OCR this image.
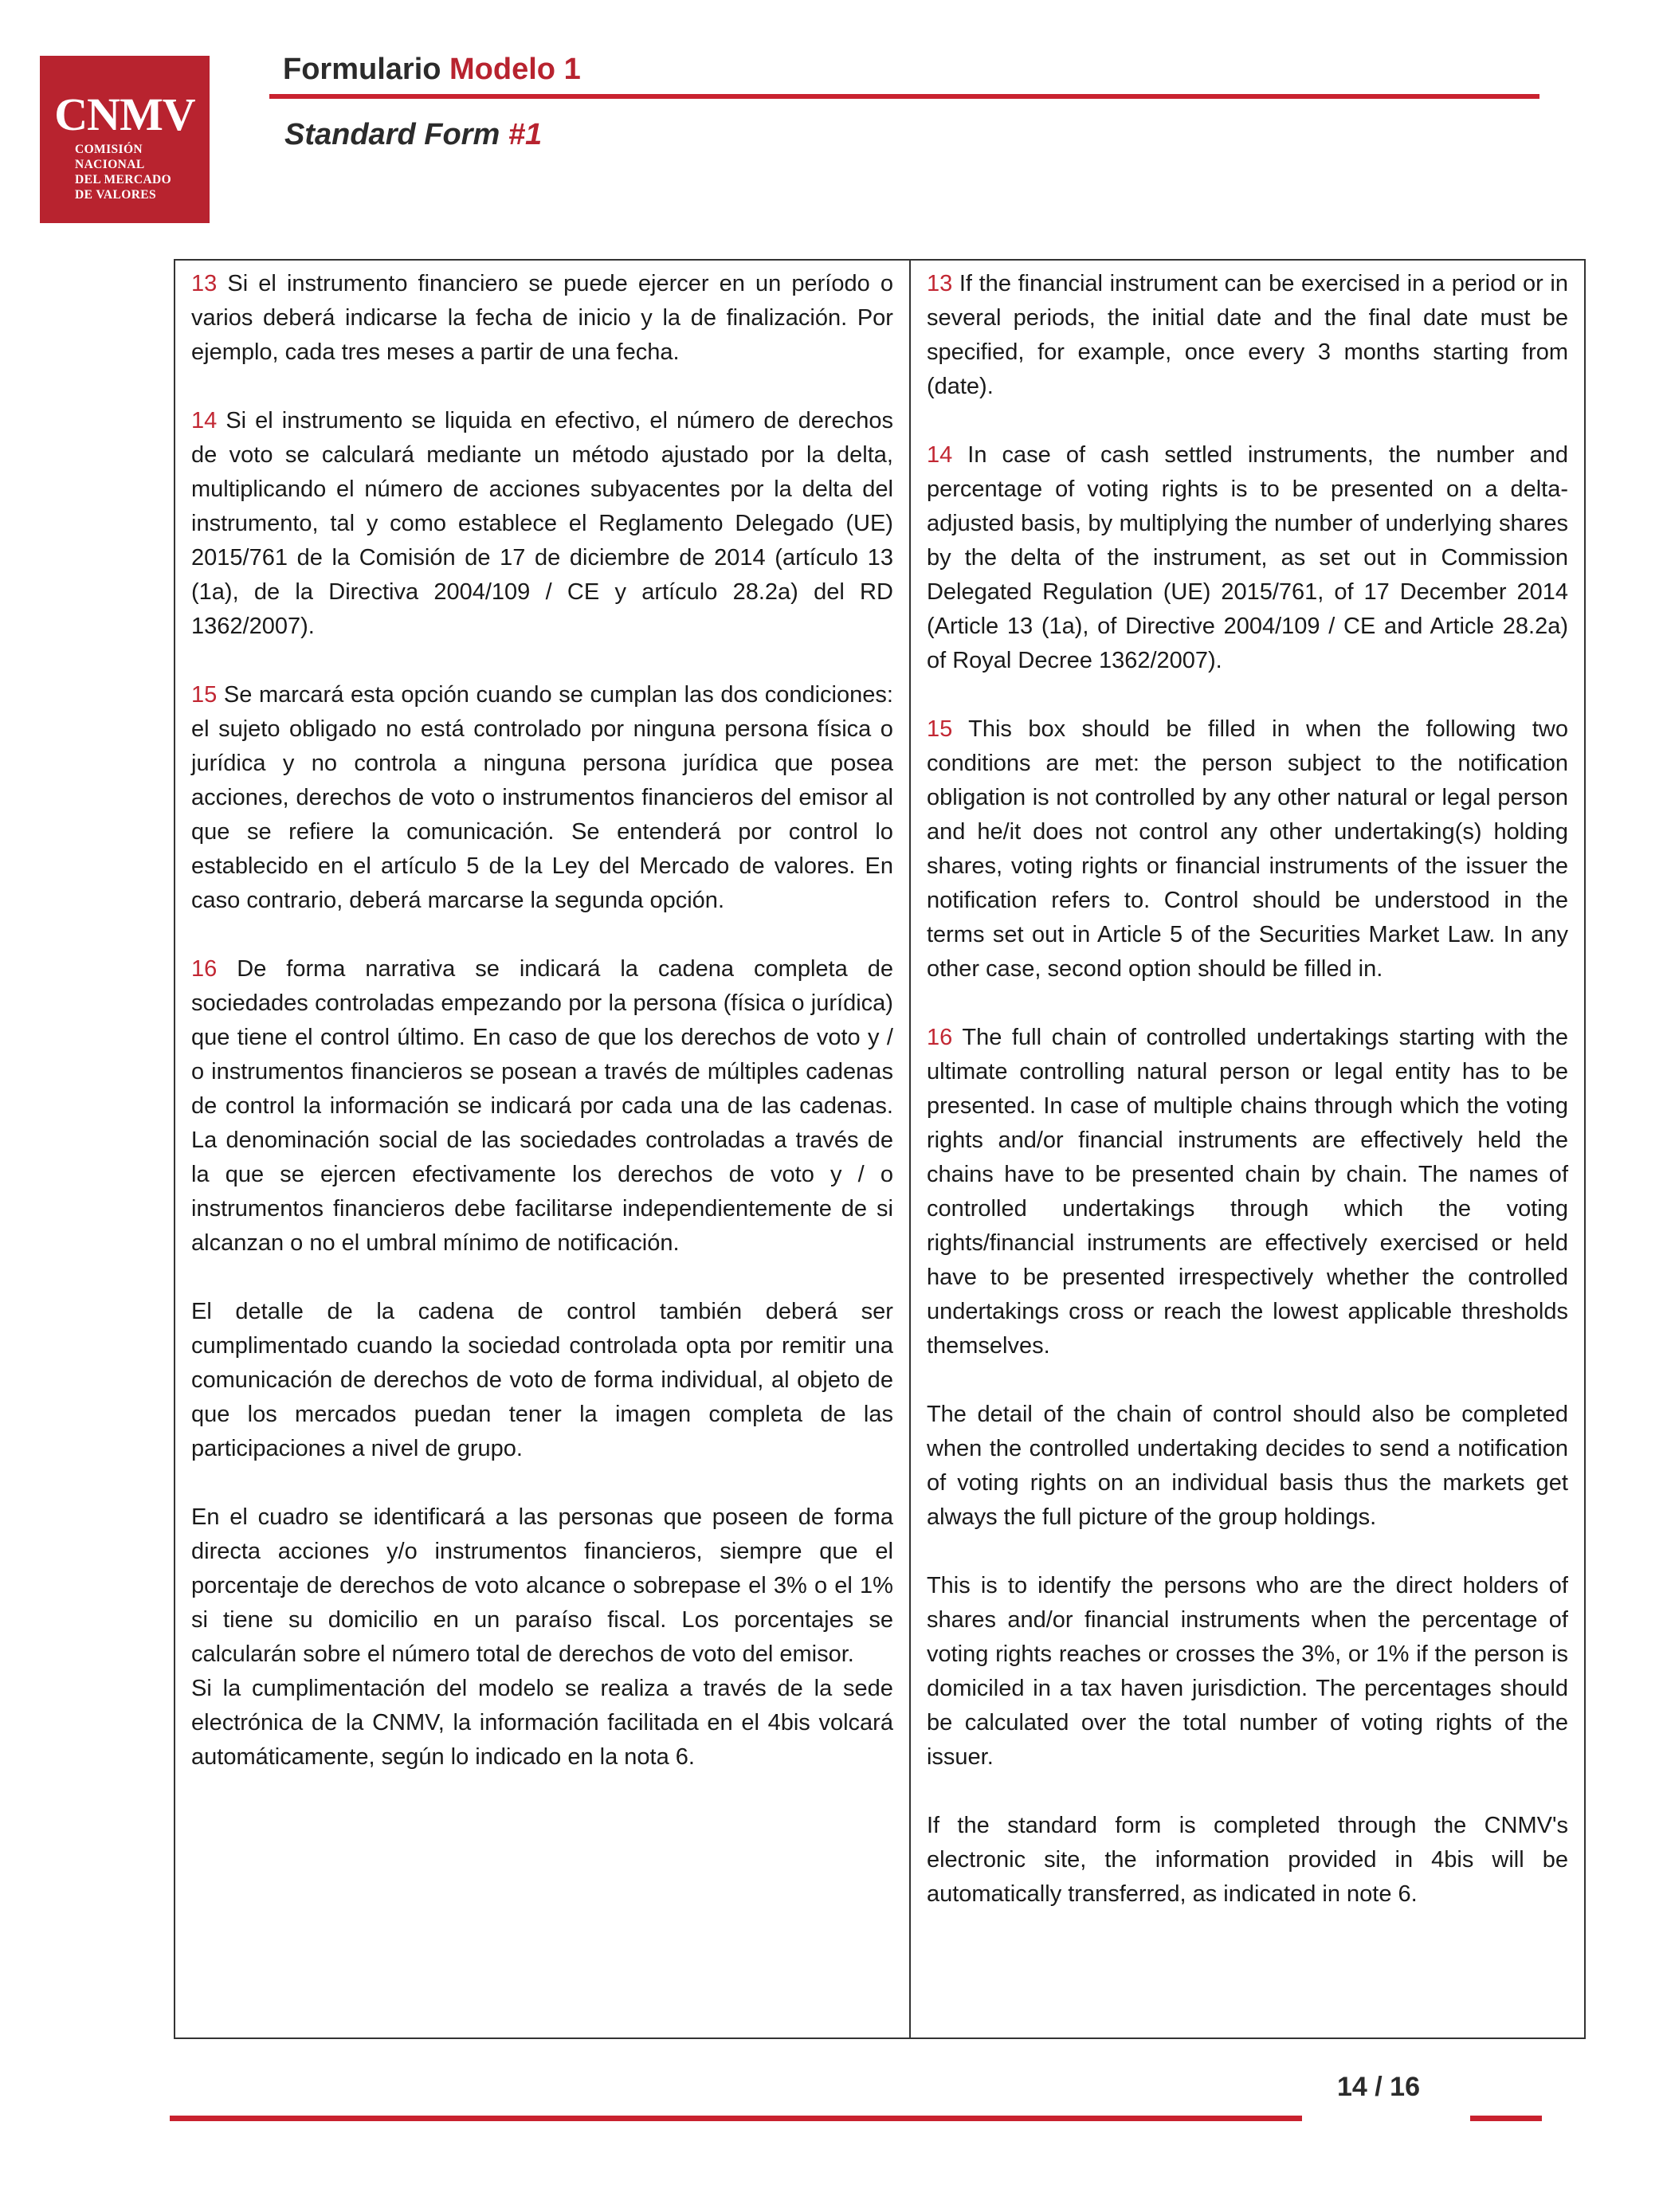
CNMV
COMISIÓN
NACIONAL
DEL MERCADO
DE VALORES
Formulario Modelo 1
Standard Form #1

13 Si el instrumento financiero se puede ejercer en un período o varios deberá indicarse la fecha de inicio y la de finalización. Por ejemplo, cada tres meses a partir de una fecha.

14 Si el instrumento se liquida en efectivo, el número de derechos de voto se calculará mediante un método ajustado por la delta, multiplicando el número de acciones subyacentes por la delta del instrumento, tal y como establece el Reglamento Delegado (UE) 2015/761 de la Comisión de 17 de diciembre de 2014 (artículo 13 (1a), de la Directiva 2004/109 / CE y artículo 28.2a) del RD 1362/2007).

15 Se marcará esta opción cuando se cumplan las dos condiciones: el sujeto obligado no está controlado por ninguna persona física o jurídica y no controla a ninguna persona jurídica que posea acciones, derechos de voto o instrumentos financieros del emisor al que se refiere la comunicación. Se entenderá por control lo establecido en el artículo 5 de la Ley del Mercado de valores. En caso contrario, deberá marcarse la segunda opción.

16 De forma narrativa se indicará la cadena completa de sociedades controladas empezando por la persona (física o jurídica) que tiene el control último. En caso de que los derechos de voto y / o instrumentos financieros se posean a través de múltiples cadenas de control la información se indicará por cada una de las cadenas. La denominación social de las sociedades controladas a través de la que se ejercen efectivamente los derechos de voto y / o instrumentos financieros debe facilitarse independientemente de si alcanzan o no el umbral mínimo de notificación.

El detalle de la cadena de control también deberá ser cumplimentado cuando la sociedad controlada opta por remitir una comunicación de derechos de voto de forma individual, al objeto de que los mercados puedan tener la imagen completa de las participaciones a nivel de grupo.

En el cuadro se identificará a las personas que poseen de forma directa acciones y/o instrumentos financieros, siempre que el porcentaje de derechos de voto alcance o sobrepase el 3% o el 1% si tiene su domicilio en un paraíso fiscal. Los porcentajes se calcularán sobre el número total de derechos de voto del emisor.

Si la cumplimentación del modelo se realiza a través de la sede electrónica de la CNMV, la información facilitada en el 4bis volcará automáticamente, según lo indicado en la nota 6.

13 If the financial instrument can be exercised in a period or in several periods, the initial date and the final date must be specified, for example, once every 3 months starting from (date).

14 In case of cash settled instruments, the number and percentage of voting rights is to be presented on a delta-adjusted basis, by multiplying the number of underlying shares by the delta of the instrument, as set out in Commission Delegated Regulation (UE) 2015/761, of 17 December 2014 (Article 13 (1a), of Directive 2004/109 / CE and Article 28.2a) of Royal Decree 1362/2007).

15 This box should be filled in when the following two conditions are met: the person subject to the notification obligation is not controlled by any other natural or legal person and he/it does not control any other undertaking(s) holding shares, voting rights or financial instruments of the issuer the notification refers to. Control should be understood in the terms set out in Article 5 of the Securities Market Law. In any other case, second option should be filled in.

16 The full chain of controlled undertakings starting with the ultimate controlling natural person or legal entity has to be presented. In case of multiple chains through which the voting rights and/or financial instruments are effectively held the chains have to be presented chain by chain. The names of controlled undertakings through which the voting rights/financial instruments are effectively exercised or held have to be presented irrespectively whether the controlled undertakings cross or reach the lowest applicable thresholds themselves.

The detail of the chain of control should also be completed when the controlled undertaking decides to send a notification of voting rights on an individual basis thus the markets get always the full picture of the group holdings.

This is to identify the persons who are the direct holders of shares and/or financial instruments when the percentage of voting rights reaches or crosses the 3%, or 1% if the person is domiciled in a tax haven jurisdiction. The percentages should be calculated over the total number of voting rights of the issuer.

If the standard form is completed through the CNMV's electronic site, the information provided in 4bis will be automatically transferred, as indicated in note 6.

14 / 16
